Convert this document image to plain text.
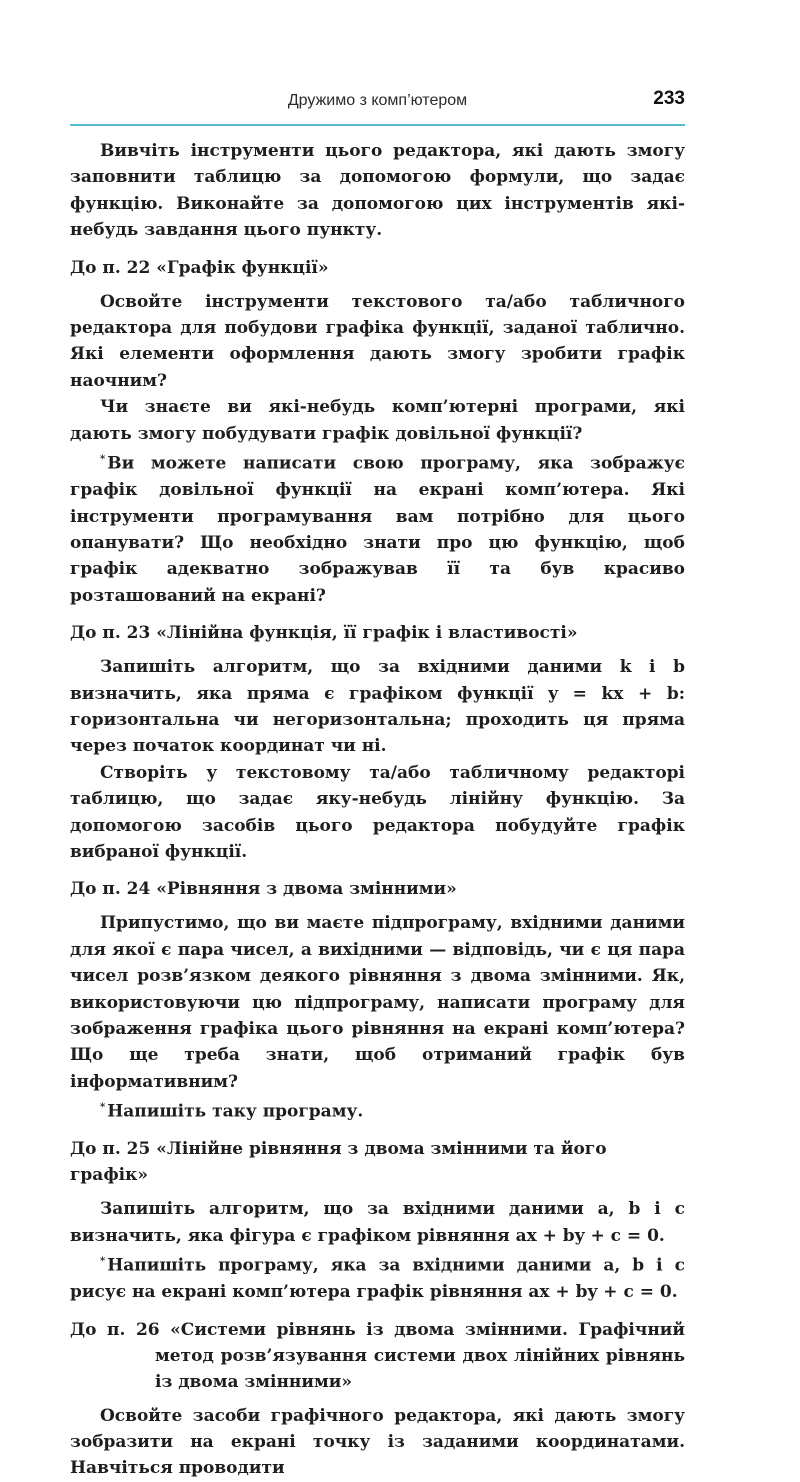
Дружимо з комп’ютером	233

Вивчіть інструменти цього редактора, які дають змогу заповнити таблицю за допомогою формули, що задає функцію. Виконайте за допомогою цих інструментів які-небудь завдання цього пункту.

До п. 22 «Графік функції»

Освойте інструменти текстового та/або табличного редактора для побудови графіка функції, заданої таблично. Які елементи оформлення дають змогу зробити графік наочним?

Чи знаєте ви які-небудь комп’ютерні програми, які дають змогу побудувати графік довільної функції?

* Ви можете написати свою програму, яка зображує графік довільної функції на екрані комп’ютера. Які інструменти програмування вам потрібно для цього опанувати? Що необхідно знати про цю функцію, щоб графік адекватно зображував її та був красиво розташований на екрані?

До п. 23 «Лінійна функція, її графік і властивості»

Запишіть алгоритм, що за вхідними даними k і b визначить, яка пряма є графіком функції y = kx + b: горизонтальна чи негоризонтальна; проходить ця пряма через початок координат чи ні.

Створіть у текстовому та/або табличному редакторі таблицю, що задає яку-небудь лінійну функцію. За допомогою засобів цього редактора побудуйте графік вибраної функції.

До п. 24 «Рівняння з двома змінними»

Припустимо, що ви маєте підпрограму, вхідними даними для якої є пара чисел, а вихідними — відповідь, чи є ця пара чисел розв’язком деякого рівняння з двома змінними. Як, використовуючи цю підпрограму, написати програму для зображення графіка цього рівняння на екрані комп’ютера? Що ще треба знати, щоб отриманий графік був інформативним?

* Напишіть таку програму.

До п. 25 «Лінійне рівняння з двома змінними та його графік»

Запишіть алгоритм, що за вхідними даними a, b і c визначить, яка фігура є графіком рівняння ax + by + c = 0.

* Напишіть програму, яка за вхідними даними a, b і c рисує на екрані комп’ютера графік рівняння ax + by + c = 0.

До п. 26 «Системи рівнянь із двома змінними. Графічний метод розв’язування системи двох лінійних рівнянь із двома змінними»

Освойте засоби графічного редактора, які дають змогу зобразити на екрані точку із заданими координатами. Навчіться проводити
